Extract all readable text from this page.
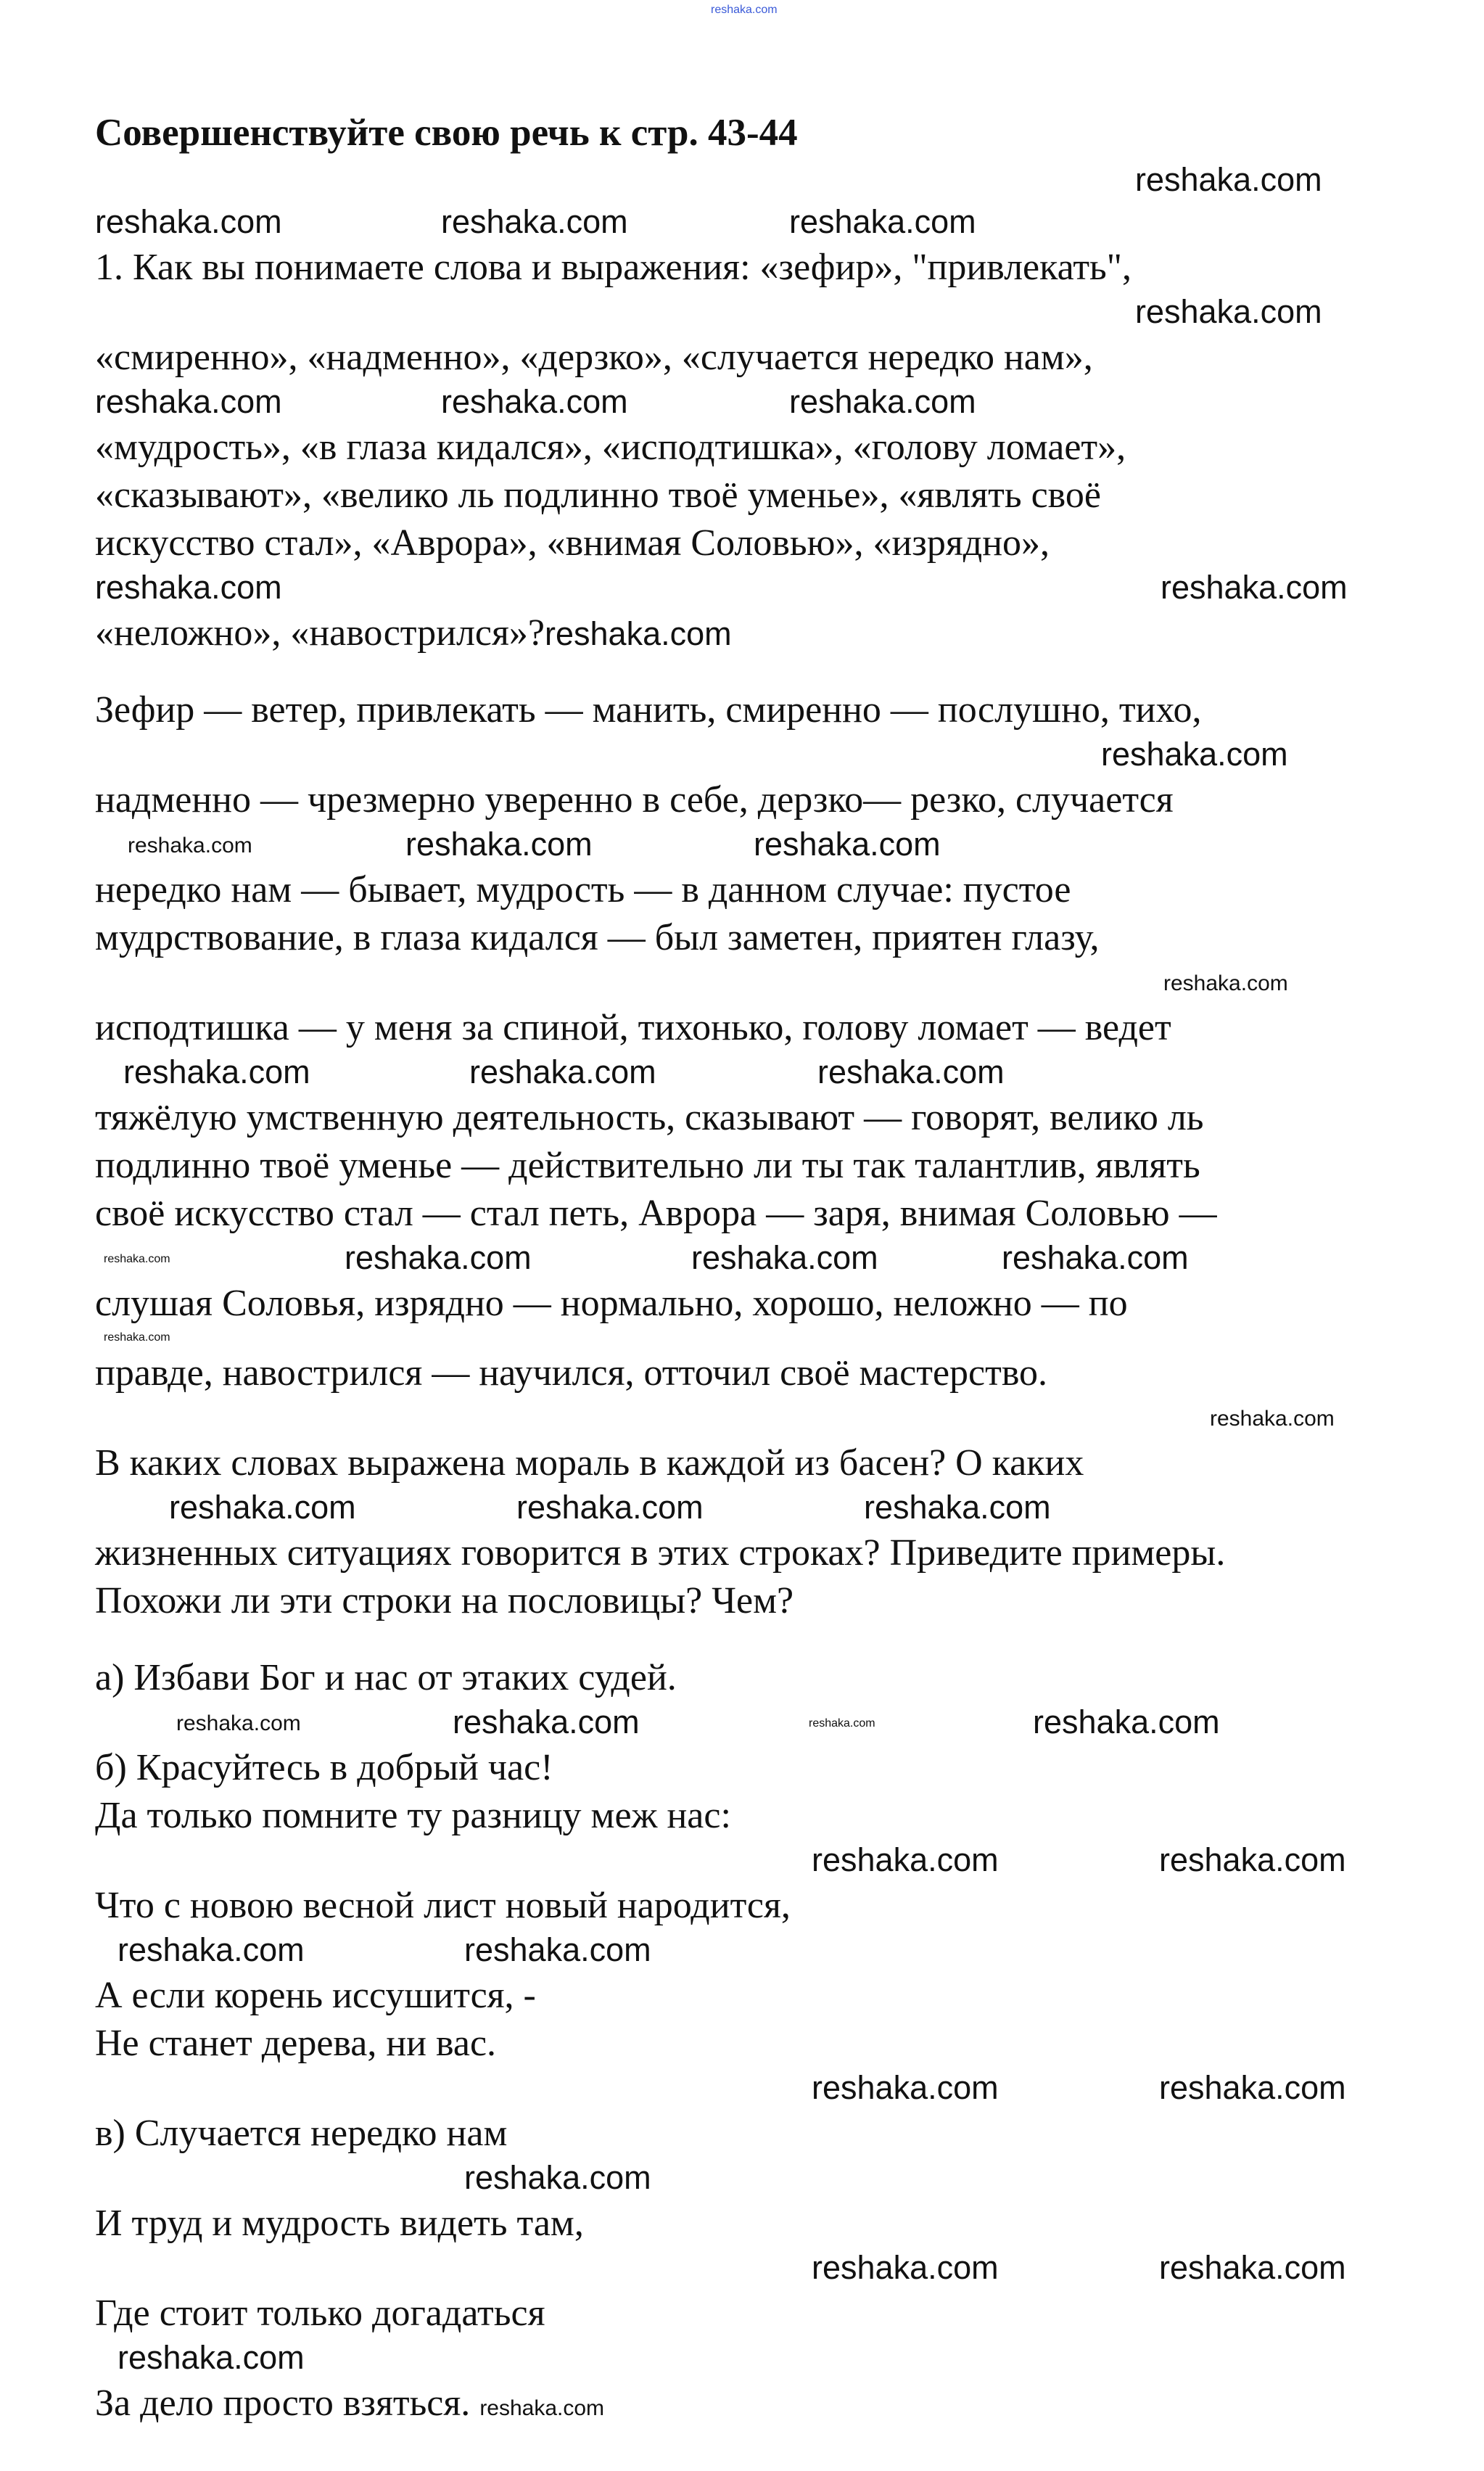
reshaka.com
Совершенствуйте свою речь к стр. 43-44
reshaka.com
reshaka.com	reshaka.com	reshaka.com
1. Как вы понимаете слова и выражения: «зефир», "привлекать",
reshaka.com
«смиренно», «надменно», «дерзко», «случается нередко нам»,
reshaka.com	reshaka.com	reshaka.com
«мудрость», «в глаза кидался», «исподтишка», «голову ломает»,
«сказывают», «велико ль подлинно твоё уменье», «являть своё
искусство стал», «Аврора», «внимая Соловью», «изрядно»,
reshaka.com	reshaka.com
«неложно», «навострился»?reshaka.com
Зефир — ветер, привлекать — манить, смиренно — послушно, тихо,
reshaka.com
надменно — чрезмерно уверенно в себе, дерзко— резко, случается
reshaka.com	reshaka.com	reshaka.com
нередко нам — бывает, мудрость — в данном случае: пустое
мудрствование, в глаза кидался — был заметен, приятен глазу,
reshaka.com
исподтишка — у меня за спиной, тихонько, голову ломает — ведет
reshaka.com	reshaka.com	reshaka.com
тяжёлую умственную деятельность, сказывают — говорят, велико ль
подлинно твоё уменье — действительно ли ты так талантлив, являть
своё искусство стал — стал петь, Аврора — заря, внимая Соловью —
reshaka.com	reshaka.com	reshaka.com	reshaka.com
слушая Соловья, изрядно — нормально, хорошо, неложно — по
reshaka.com
правде, навострился — научился, отточил своё мастерство.
reshaka.com
В каких словах выражена мораль в каждой из басен? О каких
reshaka.com	reshaka.com	reshaka.com
жизненных ситуациях говорится в этих строках? Приведите примеры.
Похожи ли эти строки на пословицы? Чем?
а) Избави Бог и нас от этаких судей.
reshaka.com	reshaka.com	reshaka.com	reshaka.com
б) Красуйтесь в добрый час!
Да только помните ту разницу меж нас:
reshaka.com	reshaka.com
Что с новою весной лист новый народится,
reshaka.com	reshaka.com
А если корень иссушится, -
Не станет дерева, ни вас.
reshaka.com	reshaka.com
в) Случается нередко нам
reshaka.com
И труд и мудрость видеть там,
reshaka.com	reshaka.com
Где стоит только догадаться
reshaka.com
За дело просто взяться. reshaka.com
